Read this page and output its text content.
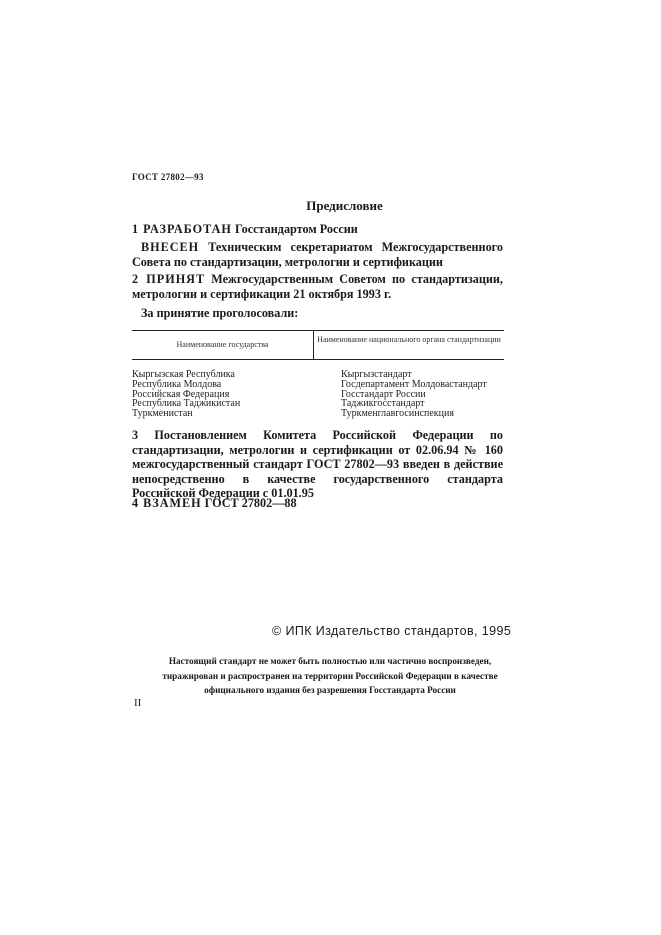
ГОСТ 27802—93
Предисловие
1 РАЗРАБОТАН Госстандартом России
ВНЕСЕН Техническим секретариатом Межгосударственного Совета по стандартизации, метрологии и сертификации
2 ПРИНЯТ Межгосударственным Советом по стандартизации, метрологии и сертификации 21 октября 1993 г.
За принятие проголосовали:
Наименование государства
Наименование национального органа стандартизации
Кыргызская Республика
Республика Молдова
Российская Федерация
Республика Таджикистан
Туркменистан
Кыргызстандарт
Госдепартамент Молдовастандарт
Госстандарт России
Таджикгосстандарт
Туркменглавгосинспекция
3 Постановлением Комитета Российской Федерации по стандартизации, метрологии и сертификации от 02.06.94 № 160 межгосударственный стандарт ГОСТ 27802—93 введен в действие непосредственно в качестве государственного стандарта Российской Федерации с 01.01.95
4 ВЗАМЕН ГОСТ 27802—88
© ИПК Издательство стандартов, 1995
Настоящий стандарт не может быть полностью или частично воспроизведен, тиражирован и распространен на территории Российской Федерации в качестве официального издания без разрешения Госстандарта России
II
